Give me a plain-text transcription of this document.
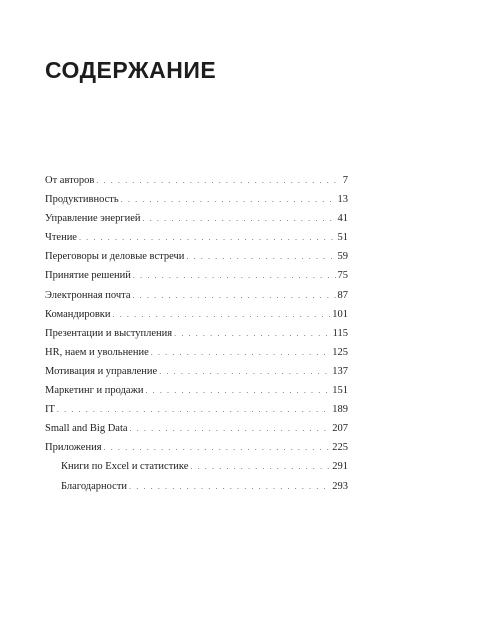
СОДЕРЖАНИЕ
От авторов . . .	7
Продуктивность . . .	13
Управление энергией . . .	41
Чтение . . .	51
Переговоры и деловые встречи . . .	59
Принятие решений . . .	75
Электронная почта . . .	87
Командировки . . .	101
Презентации и выступления . . .	115
HR, наем и увольнение . . .	125
Мотивация и управление . . .	137
Маркетинг и продажи . . .	151
IT . . .	189
Small and Big Data . . .	207
Приложения . . .	225
Книги по Excel и статистике . . .	291
Благодарности . . .	293
